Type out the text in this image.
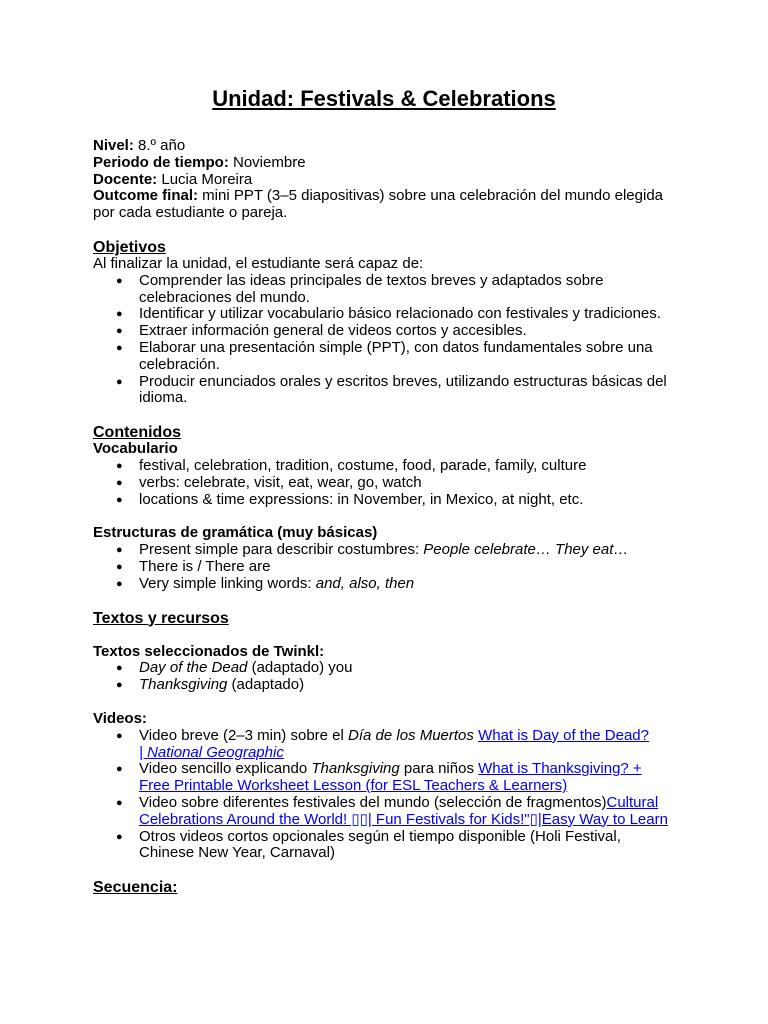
Unidad: Festivals & Celebrations

Nivel: 8.º año

Periodo de tiempo: Noviembre

Docente: Lucia Moreira

Outcome final: mini PPT (3–5 diapositivas) sobre una celebración del mundo elegida por cada estudiante o pareja.

Objetivos

Al finalizar la unidad, el estudiante será capaz de:

● Comprender las ideas principales de textos breves y adaptados sobre celebraciones del mundo.
● Identificar y utilizar vocabulario básico relacionado con festivales y tradiciones.
● Extraer información general de videos cortos y accesibles.
● Elaborar una presentación simple (PPT), con datos fundamentales sobre una celebración.
● Producir enunciados orales y escritos breves, utilizando estructuras básicas del idioma.

Contenidos

Vocabulario

● festival, celebration, tradition, costume, food, parade, family, culture
● verbs: celebrate, visit, eat, wear, go, watch
● locations & time expressions: in November, in Mexico, at night, etc.

Estructuras de gramática (muy básicas)

● Present simple para describir costumbres: People celebrate… They eat…
● There is / There are
● Very simple linking words: and, also, then

Textos y recursos

Textos seleccionados de Twinkl:

● Day of the Dead (adaptado) you
● Thanksgiving (adaptado)

Videos:

● Video breve (2–3 min) sobre el Día de los Muertos What is Day of the Dead?
| National Geographic
● Video sencillo explicando Thanksgiving para niños What is Thanksgiving? + Free Printable Worksheet Lesson (for ESL Teachers & Learners)
● Video sobre diferentes festivales del mundo (selección de fragmentos)Cultural Celebrations Around the World! ▯▯| Fun Festivals for Kids!"▯|Easy Way to Learn
● Otros videos cortos opcionales según el tiempo disponible (Holi Festival, Chinese New Year, Carnaval)

Secuencia:
